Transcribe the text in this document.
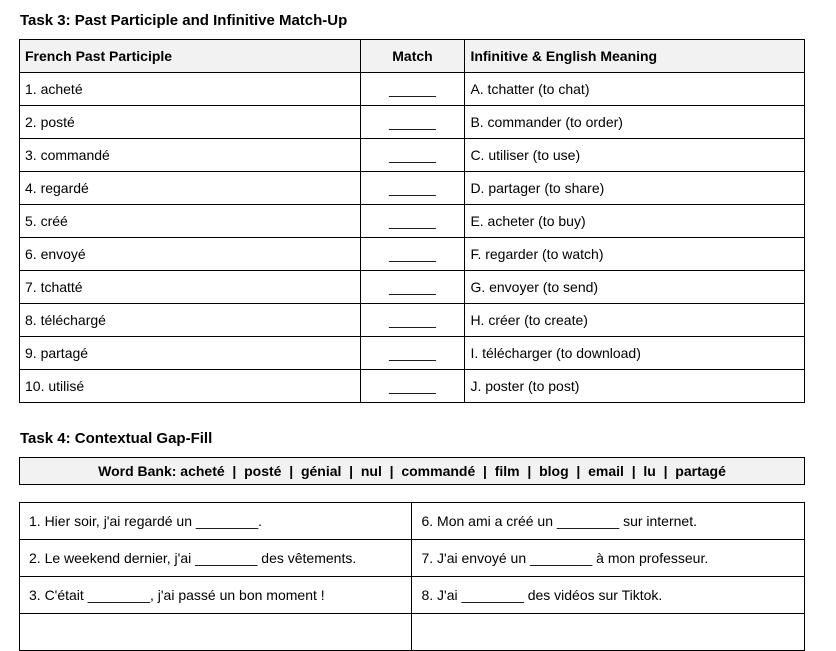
Task 3: Past Participle and Infinitive Match-Up
French Past Participle	Match	Infinitive & English Meaning
1. acheté	______	A. tchatter (to chat)
2. posté	______	B. commander (to order)
3. commandé	______	C. utiliser (to use)
4. regardé	______	D. partager (to share)
5. créé	______	E. acheter (to buy)
6. envoyé	______	F. regarder (to watch)
7. tchatté	______	G. envoyer (to send)
8. téléchargé	______	H. créer (to create)
9. partagé	______	I. télécharger (to download)
10. utilisé	______	J. poster (to post)
Task 4: Contextual Gap-Fill
Word Bank: acheté  |  posté  |  génial  |  nul  |  commandé  |  film  |  blog  |  email  |  lu  |  partagé
1. Hier soir, j'ai regardé un ________.	6. Mon ami a créé un ________ sur internet.
2. Le weekend dernier, j'ai ________ des vêtements.	7. J'ai envoyé un ________ à mon professeur.
3. C'était ________, j'ai passé un bon moment !	8. J'ai ________ des vidéos sur Tiktok.
